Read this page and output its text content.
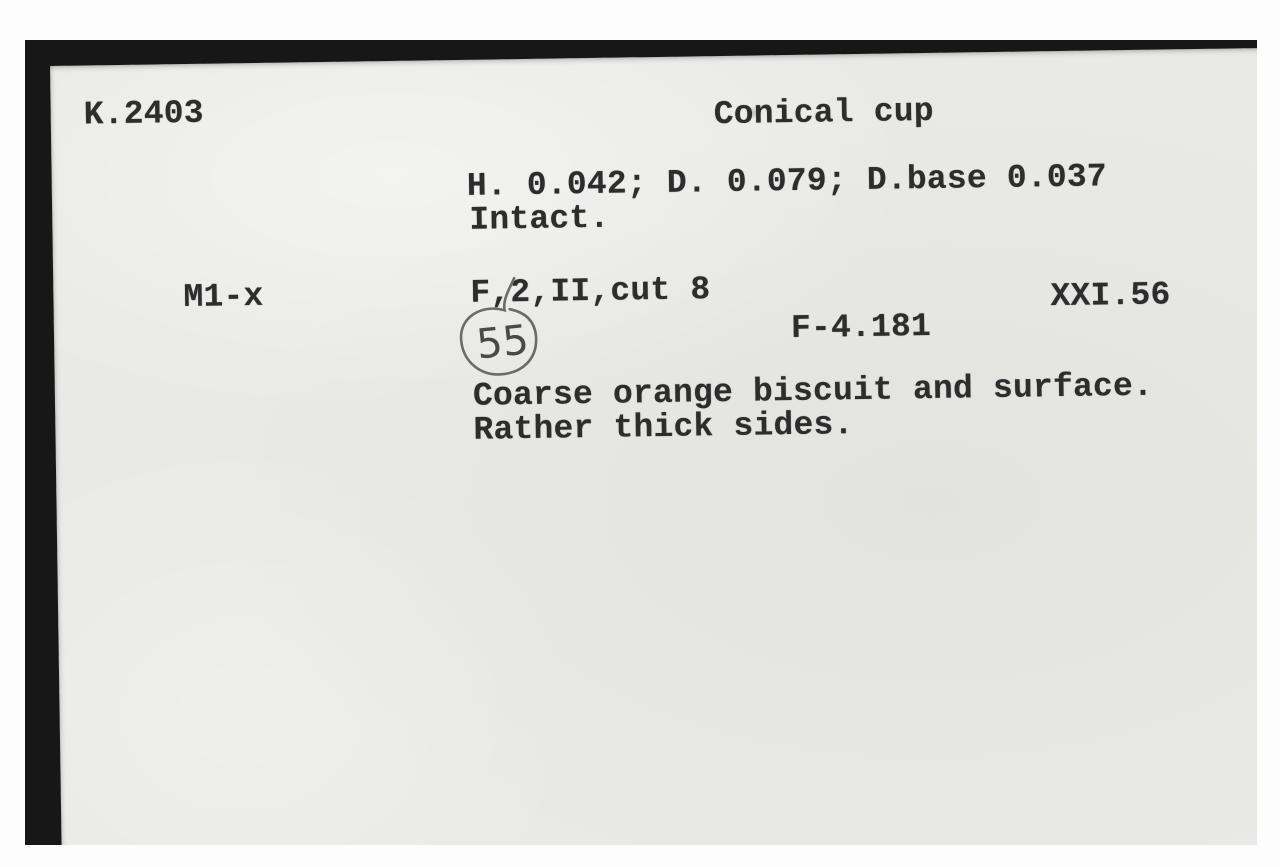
K.2403	Conical cup
H. 0.042; D. 0.079; D.base 0.037
Intact.
M1-x	F,2,II,cut 8	XXI.56
F-4.181
55
Coarse orange biscuit and surface.
Rather thick sides.
